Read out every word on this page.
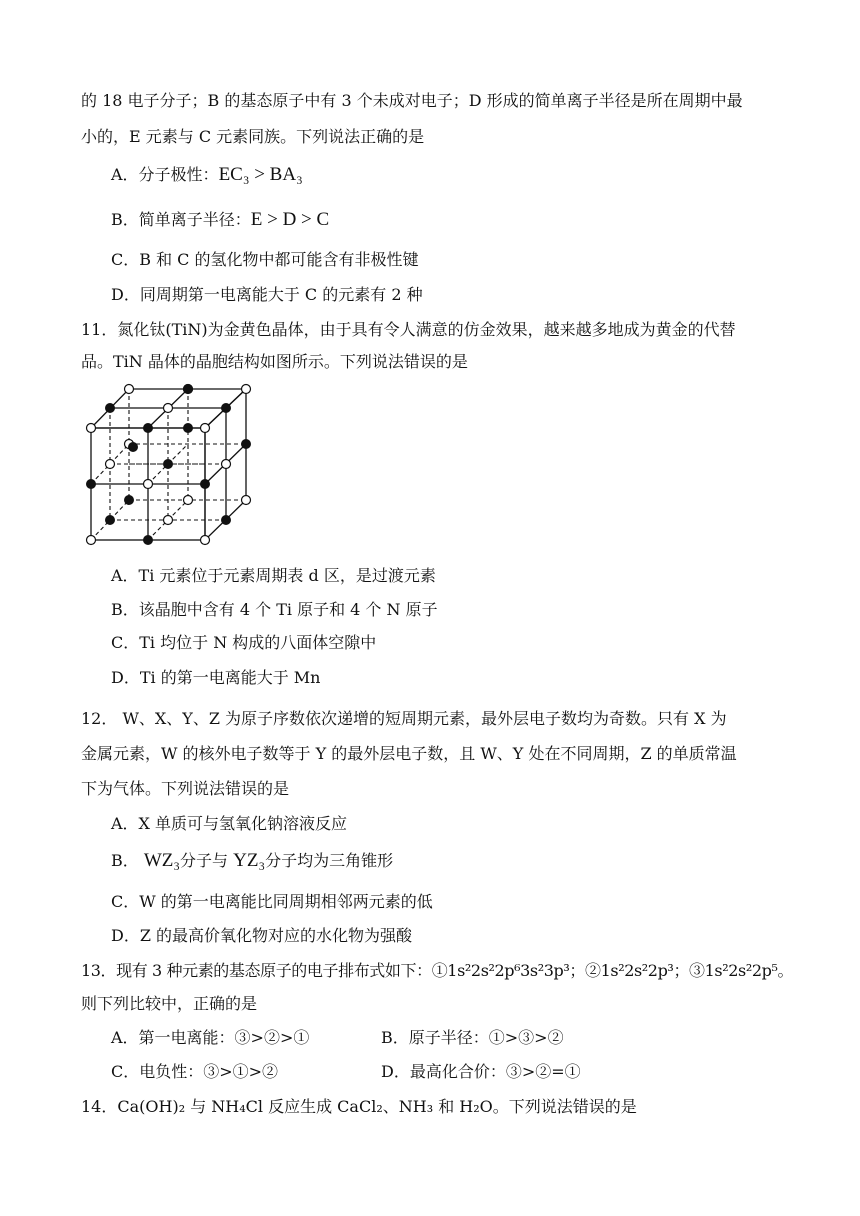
的 18 电子分子；B 的基态原子中有 3 个未成对电子；D 形成的简单离子半径是所在周期中最
小的，E 元素与 C 元素同族。下列说法正确的是
A．分子极性：EC₃ > BA₃
B．简单离子半径：E > D > C
C．B 和 C 的氢化物中都可能含有非极性键
D．同周期第一电离能大于 C 的元素有 2 种
11．氮化钛(TiN)为金黄色晶体，由于具有令人满意的仿金效果，越来越多地成为黄金的代替
品。TiN 晶体的晶胞结构如图所示。下列说法错误的是
A．Ti 元素位于元素周期表 d 区，是过渡元素
B．该晶胞中含有 4 个 Ti 原子和 4 个 N 原子
C．Ti 均位于 N 构成的八面体空隙中
D．Ti 的第一电离能大于 Mn
12． W、X、Y、Z 为原子序数依次递增的短周期元素，最外层电子数均为奇数。只有 X 为
金属元素，W 的核外电子数等于 Y 的最外层电子数，且 W、Y 处在不同周期，Z 的单质常温
下为气体。下列说法错误的是
A．X 单质可与氢氧化钠溶液反应
B． WZ₃分子与 YZ₃分子均为三角锥形
C．W 的第一电离能比同周期相邻两元素的低
D．Z 的最高价氧化物对应的水化物为强酸
13．现有 3 种元素的基态原子的电子排布式如下：①1s²2s²2p⁶3s²3p³；②1s²2s²2p³；③1s²2s²2p⁵。
则下列比较中，正确的是
A．第一电离能：③>②>①	B．原子半径：①>③>②
C．电负性：③>①>②	D．最高化合价：③>②=①
14．Ca(OH)₂ 与 NH₄Cl 反应生成 CaCl₂、NH₃ 和 H₂O。下列说法错误的是
